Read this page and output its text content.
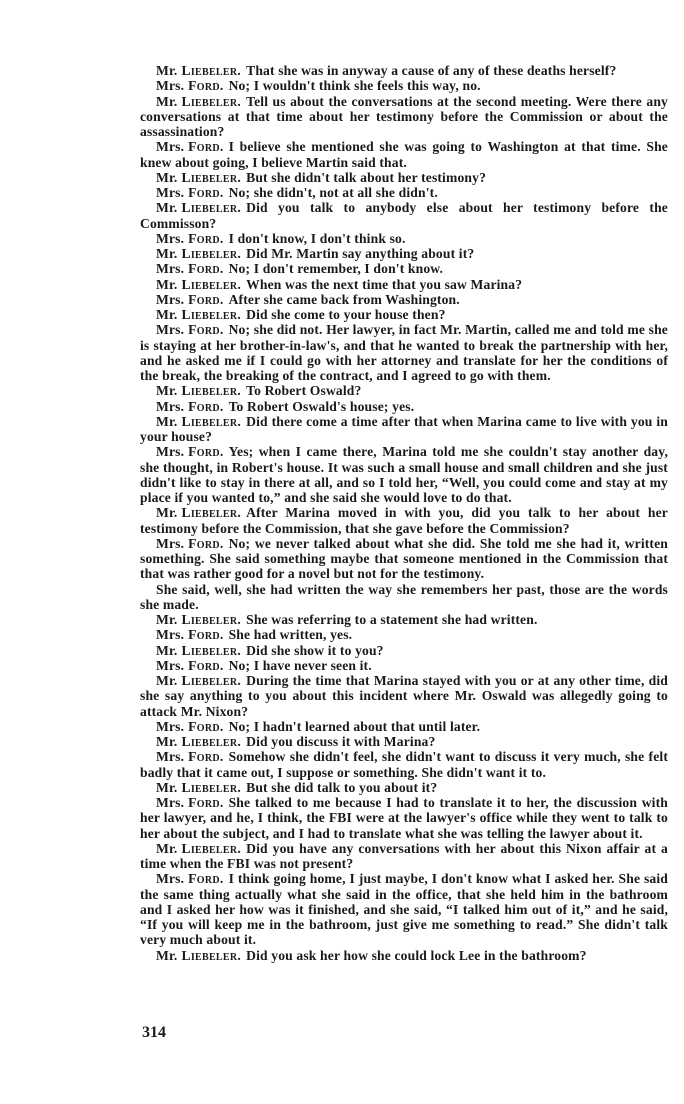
Mr. Liebeler. That she was in anyway a cause of any of these deaths herself?

Mrs. Ford. No; I wouldn't think she feels this way, no.

Mr. Liebeler. Tell us about the conversations at the second meeting. Were there any conversations at that time about her testimony before the Commission or about the assassination?

Mrs. Ford. I believe she mentioned she was going to Washington at that time. She knew about going, I believe Martin said that.

Mr. Liebeler. But she didn't talk about her testimony?

Mrs. Ford. No; she didn't, not at all she didn't.

Mr. Liebeler. Did you talk to anybody else about her testimony before the Commisson?

Mrs. Ford. I don't know, I don't think so.

Mr. Liebeler. Did Mr. Martin say anything about it?

Mrs. Ford. No; I don't remember, I don't know.

Mr. Liebeler. When was the next time that you saw Marina?

Mrs. Ford. After she came back from Washington.

Mr. Liebeler. Did she come to your house then?

Mrs. Ford. No; she did not. Her lawyer, in fact Mr. Martin, called me and told me she is staying at her brother-in-law's, and that he wanted to break the partnership with her, and he asked me if I could go with her attorney and translate for her the conditions of the break, the breaking of the contract, and I agreed to go with them.

Mr. Liebeler. To Robert Oswald?

Mrs. Ford. To Robert Oswald's house; yes.

Mr. Liebeler. Did there come a time after that when Marina came to live with you in your house?

Mrs. Ford. Yes; when I came there, Marina told me she couldn't stay another day, she thought, in Robert's house. It was such a small house and small children and she just didn't like to stay in there at all, and so I told her, “Well, you could come and stay at my place if you wanted to,” and she said she would love to do that.

Mr. Liebeler. After Marina moved in with you, did you talk to her about her testimony before the Commission, that she gave before the Commission?

Mrs. Ford. No; we never talked about what she did. She told me she had it, written something. She said something maybe that someone mentioned in the Commission that that was rather good for a novel but not for the testimony.

She said, well, she had written the way she remembers her past, those are the words she made.

Mr. Liebeler. She was referring to a statement she had written.

Mrs. Ford. She had written, yes.

Mr. Liebeler. Did she show it to you?

Mrs. Ford. No; I have never seen it.

Mr. Liebeler. During the time that Marina stayed with you or at any other time, did she say anything to you about this incident where Mr. Oswald was allegedly going to attack Mr. Nixon?

Mrs. Ford. No; I hadn't learned about that until later.

Mr. Liebeler. Did you discuss it with Marina?

Mrs. Ford. Somehow she didn't feel, she didn't want to discuss it very much, she felt badly that it came out, I suppose or something. She didn't want it to.

Mr. Liebeler. But she did talk to you about it?

Mrs. Ford. She talked to me because I had to translate it to her, the discussion with her lawyer, and he, I think, the FBI were at the lawyer's office while they went to talk to her about the subject, and I had to translate what she was telling the lawyer about it.

Mr. Liebeler. Did you have any conversations with her about this Nixon affair at a time when the FBI was not present?

Mrs. Ford. I think going home, I just maybe, I don't know what I asked her. She said the same thing actually what she said in the office, that she held him in the bathroom and I asked her how was it finished, and she said, “I talked him out of it,” and he said, “If you will keep me in the bathroom, just give me something to read.” She didn't talk very much about it.

Mr. Liebeler. Did you ask her how she could lock Lee in the bathroom?

314
